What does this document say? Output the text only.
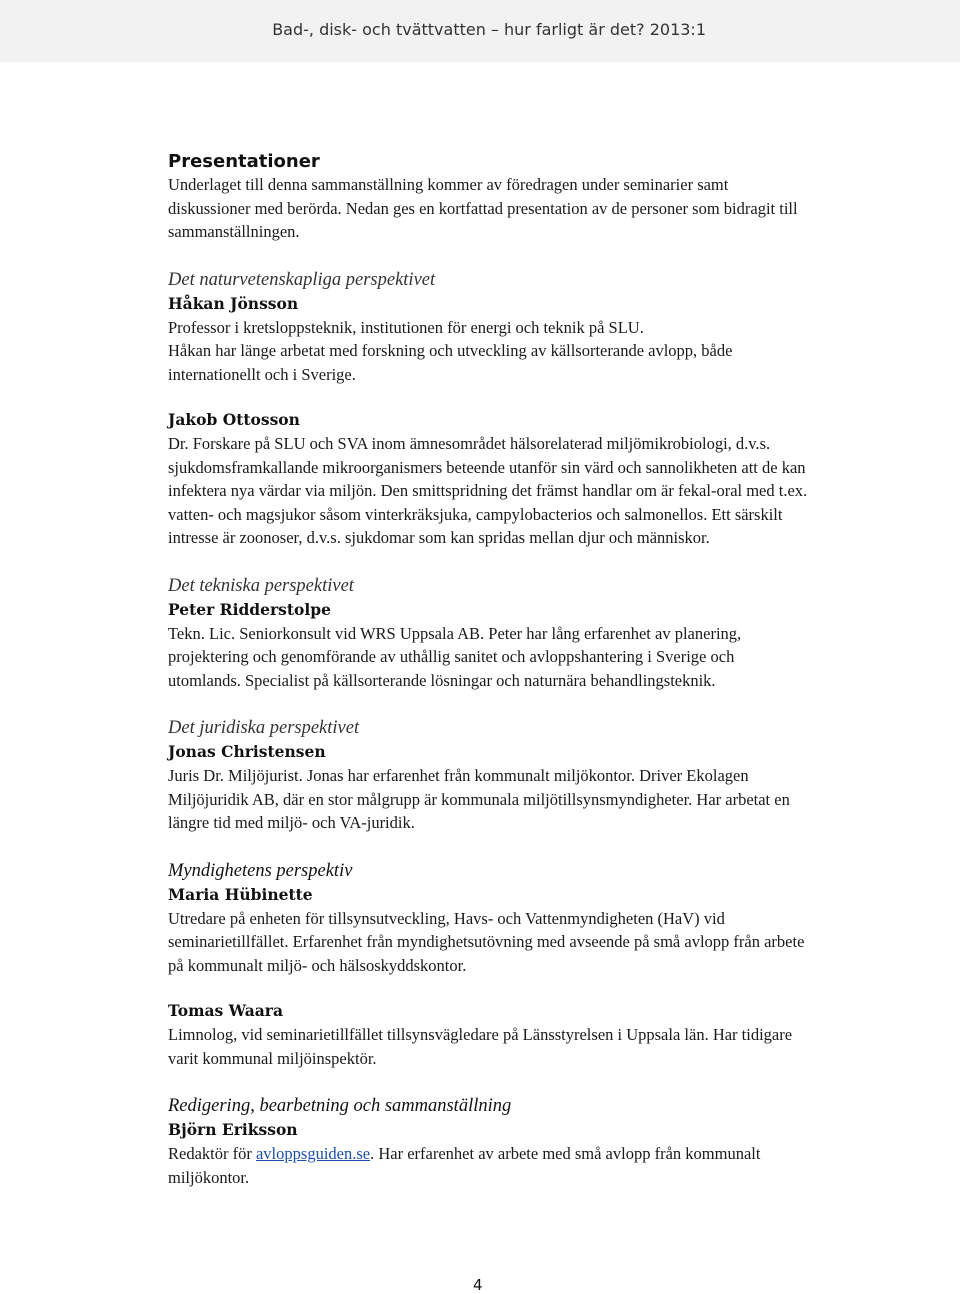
Bad-, disk- och tvättvatten – hur farligt är det? 2013:1
Presentationer

Underlaget till denna sammanställning kommer av föredragen under seminarier samt diskussioner med berörda. Nedan ges en kortfattad presentation av de personer som bidragit till sammanställningen.

Det naturvetenskapliga perspektivet

Håkan Jönsson

Professor i kretsloppsteknik, institutionen för energi och teknik på SLU.

Håkan har länge arbetat med forskning och utveckling av källsorterande avlopp, både internationellt och i Sverige.

Jakob Ottosson

Dr. Forskare på SLU och SVA inom ämnesområdet hälsorelaterad miljömikrobiologi, d.v.s. sjukdomsframkallande mikroorganismers beteende utanför sin värd och sannolikheten att de kan infektera nya värdar via miljön. Den smittspridning det främst handlar om är fekal-oral med t.ex. vatten- och magsjukor såsom vinterkräksjuka, campylobacterios och salmonellos. Ett särskilt intresse är zoonoser, d.v.s. sjukdomar som kan spridas mellan djur och människor.

Det tekniska perspektivet

Peter Ridderstolpe

Tekn. Lic. Seniorkonsult vid WRS Uppsala AB. Peter har lång erfarenhet av planering, projektering och genomförande av uthållig sanitet och avloppshantering i Sverige och utomlands. Specialist på källsorterande lösningar och naturnära behandlingsteknik.

Det juridiska perspektivet

Jonas Christensen

Juris Dr. Miljöjurist. Jonas har erfarenhet från kommunalt miljökontor. Driver Ekolagen Miljöjuridik AB, där en stor målgrupp är kommunala miljötillsynsmyndigheter. Har arbetat en längre tid med miljö- och VA-juridik.

Myndighetens perspektiv

Maria Hübinette

Utredare på enheten för tillsynsutveckling, Havs- och Vattenmyndigheten (HaV) vid seminarietillfället. Erfarenhet från myndighetsutövning med avseende på små avlopp från arbete på kommunalt miljö- och hälsoskyddskontor.

Tomas Waara

Limnolog, vid seminarietillfället tillsynsvägledare på Länsstyrelsen i Uppsala län. Har tidigare varit kommunal miljöinspektör.

Redigering, bearbetning och sammanställning

Björn Eriksson

Redaktör för avloppsguiden.se. Har erfarenhet av arbete med små avlopp från kommunalt miljökontor.

4
